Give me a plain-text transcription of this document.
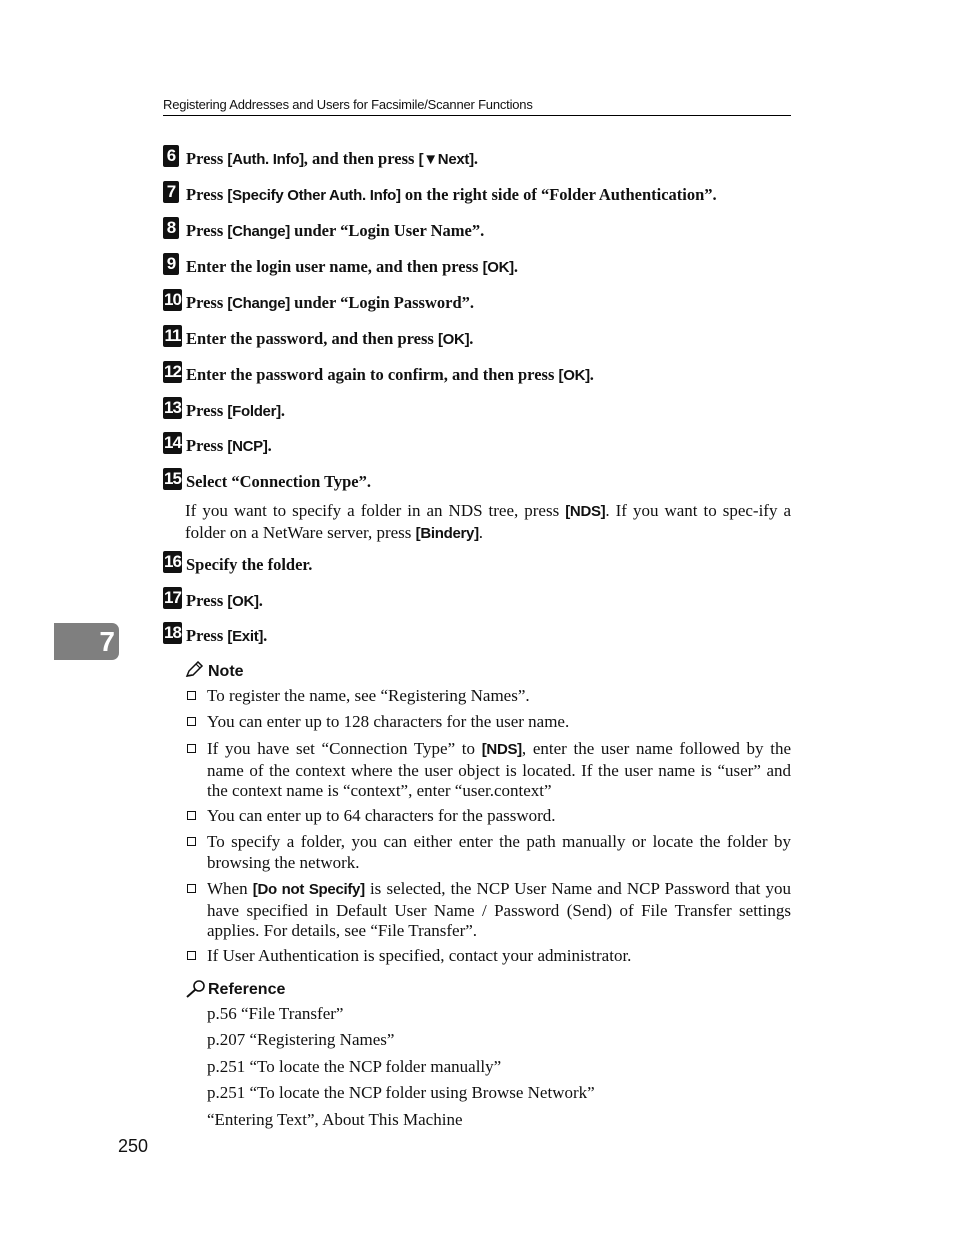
Registering Addresses and Users for Facsimile/Scanner Functions
7
6 Press [Auth. Info], and then press [▼Next].
7 Press [Specify Other Auth. Info] on the right side of “Folder Authentication”.
8 Press [Change] under “Login User Name”.
9 Enter the login user name, and then press [OK].
10 Press [Change] under “Login Password”.
11 Enter the password, and then press [OK].
12 Enter the password again to confirm, and then press [OK].
13 Press [Folder].
14 Press [NCP].
15 Select “Connection Type”.
If you want to specify a folder in an NDS tree, press [NDS]. If you want to spec-ify a folder on a NetWare server, press [Bindery].
16 Specify the folder.
17 Press [OK].
18 Press [Exit].
Note
To register the name, see “Registering Names”.
You can enter up to 128 characters for the user name.
If you have set “Connection Type” to [NDS], enter the user name followed by the name of the context where the user object is located. If the user name is “user” and the context name is “context”, enter “user.context”
You can enter up to 64 characters for the password.
To specify a folder, you can either enter the path manually or locate the folder by browsing the network.
When [Do not Specify] is selected, the NCP User Name and NCP Password that you have specified in Default User Name / Password (Send) of File Transfer settings applies. For details, see “File Transfer”.
If User Authentication is specified, contact your administrator.
Reference
p.56 “File Transfer”
p.207 “Registering Names”
p.251 “To locate the NCP folder manually”
p.251 “To locate the NCP folder using Browse Network”
“Entering Text”, About This Machine
250
